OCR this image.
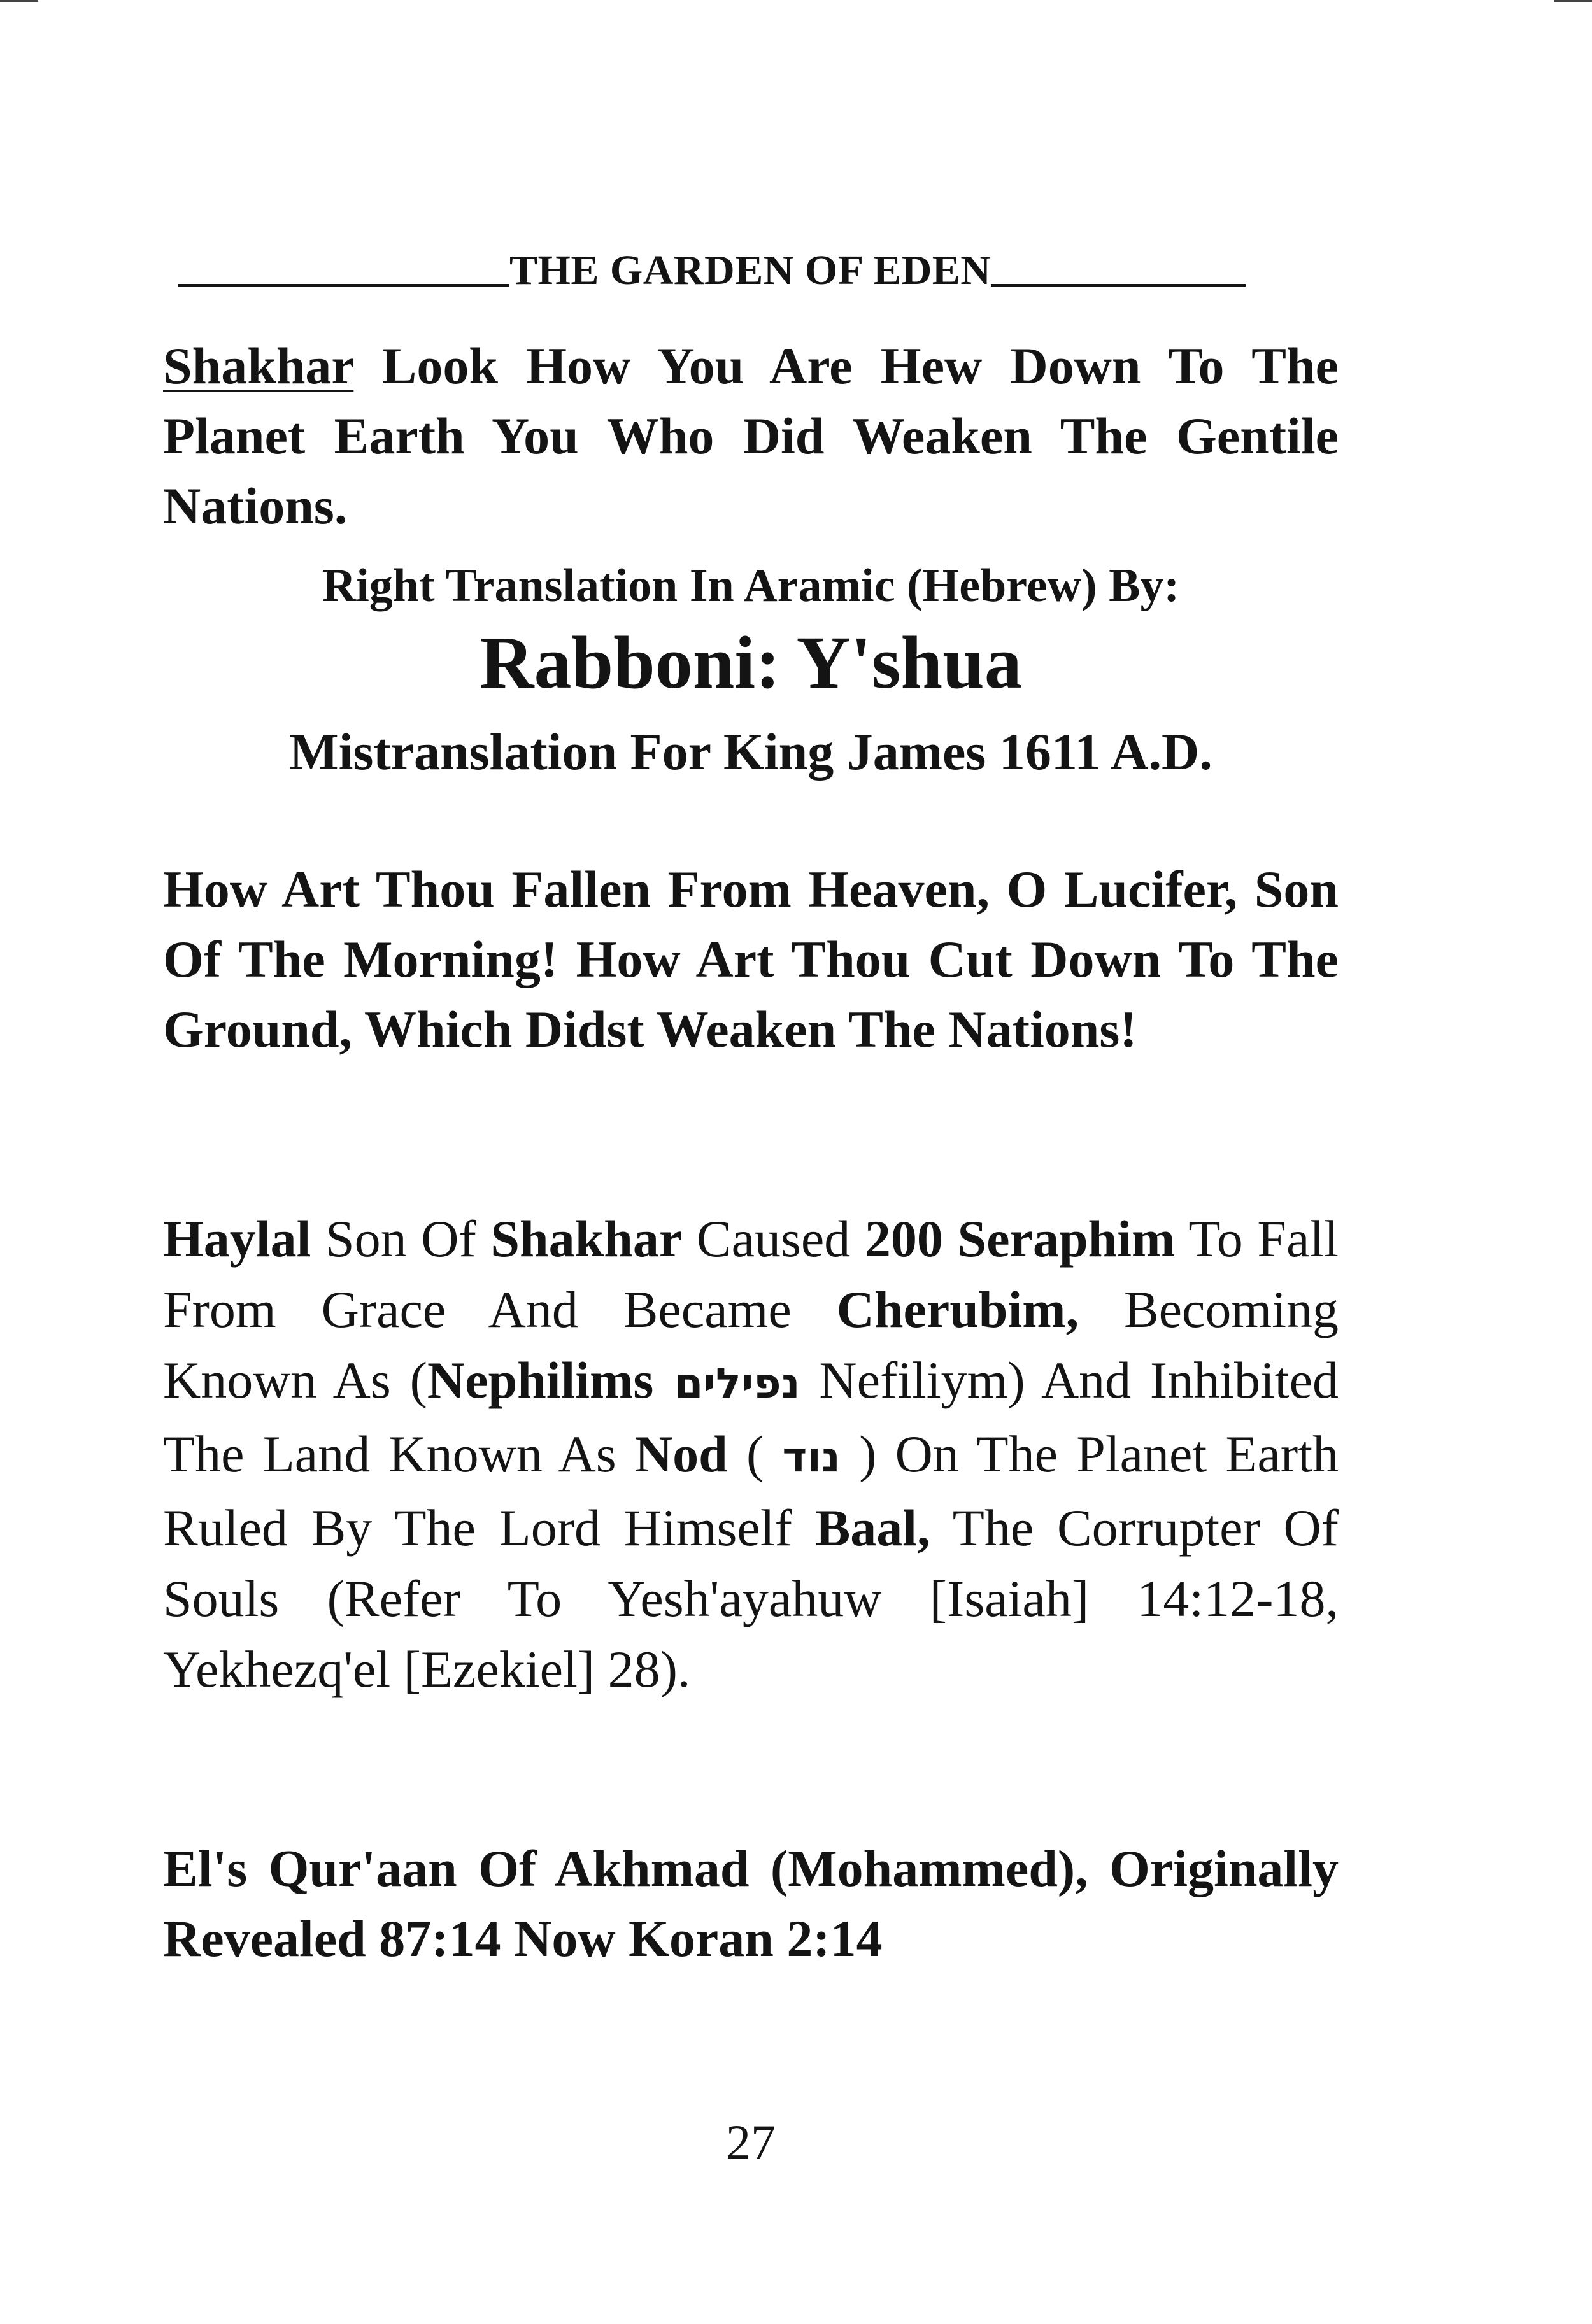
THE GARDEN OF EDEN

Shakhar Look How You Are Hew Down To The Planet Earth You Who Did Weaken The Gentile Nations.

Right Translation In Aramic (Hebrew) By:
Rabboni: Y'shua
Mistranslation For King James 1611 A.D.

How Art Thou Fallen From Heaven, O Lucifer, Son Of The Morning! How Art Thou Cut Down To The Ground, Which Didst Weaken The Nations!

Haylal Son Of Shakhar Caused 200 Seraphim To Fall From Grace And Became Cherubim, Becoming Known As (Nephilims נפילים Nefiliym) And Inhibited The Land Known As Nod ( נוד ) On The Planet Earth Ruled By The Lord Himself Baal, The Corrupter Of Souls (Refer To Yesh'ayahuw [Isaiah] 14:12-18, Yekhezq'el [Ezekiel] 28).

El's Qur'aan Of Akhmad (Mohammed), Originally Revealed 87:14 Now Koran 2:14

27
